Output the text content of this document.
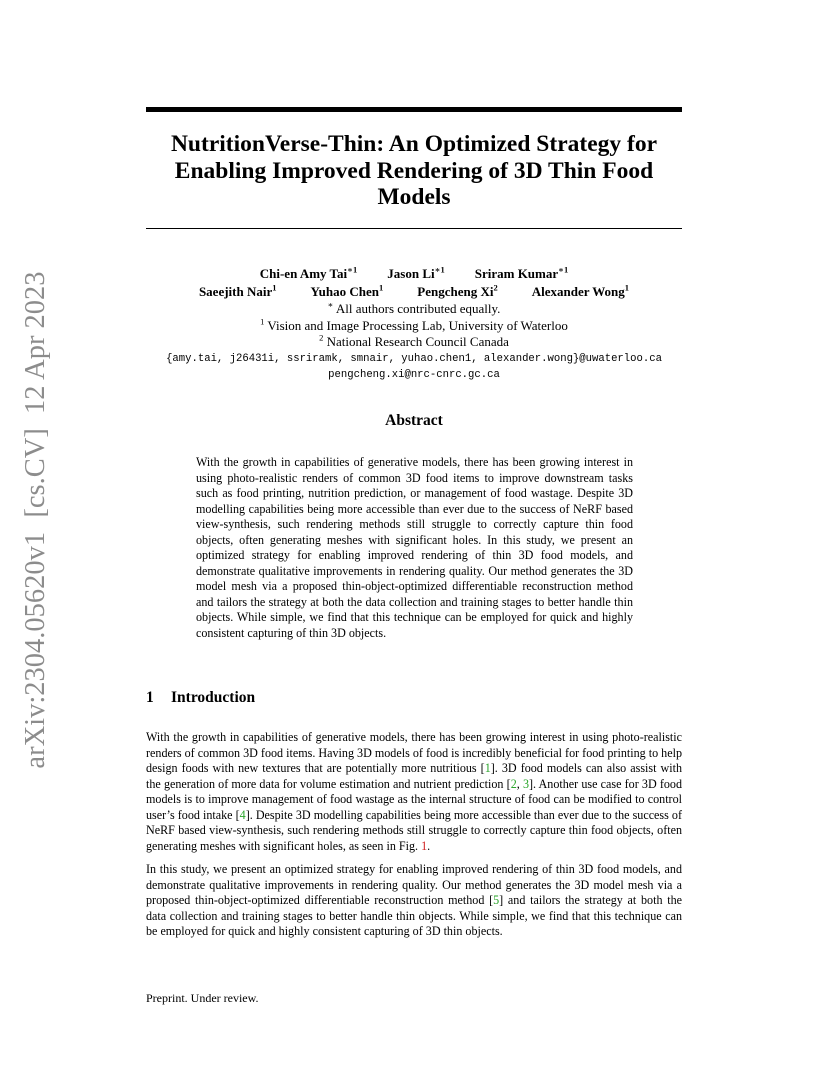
arXiv:2304.05620v1  [cs.CV]  12 Apr 2023
NutritionVerse-Thin: An Optimized Strategy for
Enabling Improved Rendering of 3D Thin Food
Models
Chi-en Amy Tai$^{∗1}$ Jason $Li^{∗1}$ Sriram Kumar$^{∗1}$
Saeejith Nair$^1$	Yuhao Chen$^1$	Pengcheng Xi$^2$	Alexander Wong$^1$
∗ All authors contributed equally.
$^1$ Vision and Image Processing Lab, University of Waterloo
$^2$ National Research Council Canada
{amy.tai, j26431i, ssriramk, smnair, yuhao.chen1, alexander.wong}@uwaterloo.ca
pengcheng.xi@nrc-cnrc.gc.ca
Abstract
With the growth in capabilities of generative models, there has been growing interest in using photo-realistic renders of common 3D food items to improve downstream tasks such as food printing, nutrition prediction, or management of food wastage. Despite 3D modelling capabilities being more accessible than ever due to the success of NeRF based view-synthesis, such rendering methods still struggle to correctly capture thin food objects, often generating meshes with significant holes. In this study, we present an optimized strategy for enabling improved rendering of thin 3D food models, and demonstrate qualitative improvements in rendering quality. Our method generates the 3D model mesh via a proposed thin-object-optimized differentiable reconstruction method and tailors the strategy at both the data collection and training stages to better handle thin objects. While simple, we find that this technique can be employed for quick and highly consistent capturing of thin 3D objects.
1 Introduction

With the growth in capabilities of generative models, there has been growing interest in using photo-realistic renders of common 3D food items. Having 3D models of food is incredibly beneficial for food printing to help design foods with new textures that are potentially more nutritious [1]. 3D food models can also assist with the generation of more data for volume estimation and nutrient prediction [2, 3]. Another use case for 3D food models is to improve management of food wastage as the internal structure of food can be modified to control user’s food intake [4]. Despite 3D modelling capabilities being more accessible than ever due to the success of NeRF based view-synthesis, such rendering methods still struggle to correctly capture thin food objects, often generating meshes with significant holes, as seen in Fig. 1.

In this study, we present an optimized strategy for enabling improved rendering of thin 3D food models, and demonstrate qualitative improvements in rendering quality. Our method generates the 3D model mesh via a proposed thin-object-optimized differentiable reconstruction method [5] and tailors the strategy at both the data collection and training stages to better handle thin objects. While simple, we find that this technique can be employed for quick and highly consistent capturing of 3D thin objects.

Preprint. Under review.
